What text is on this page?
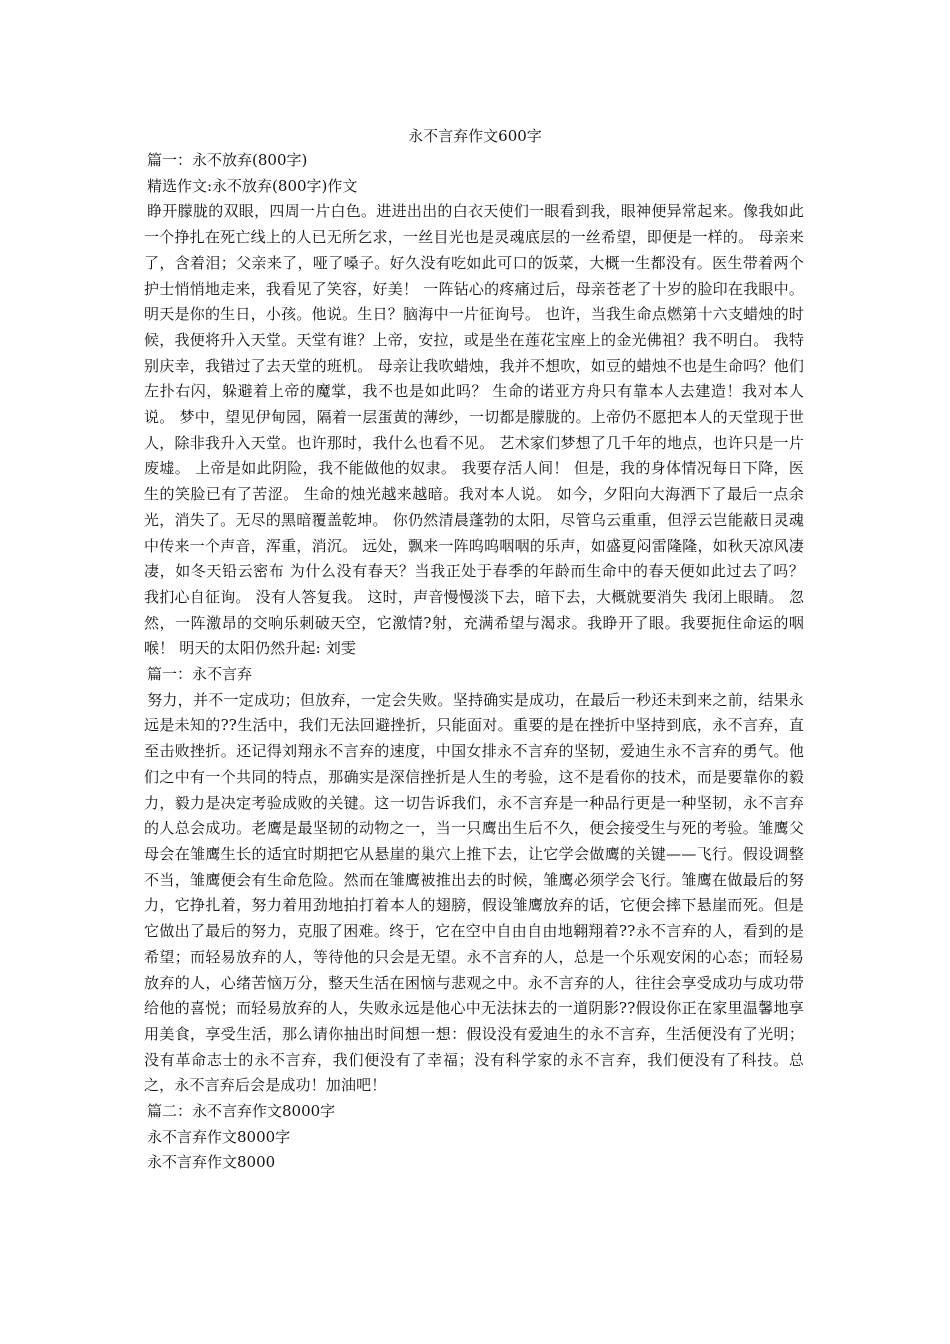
永不言弃作文600字
篇一：永不放弃(800字)
精选作文:永不放弃(800字)作文
睁开朦胧的双眼，四周一片白色。进进出出的白衣天使们一眼看到我，眼神便异常起来。像我如此一个挣扎在死亡线上的人已无所乞求，一丝目光也是灵魂底层的一丝希望，即便是一样的。 母亲来了，含着泪；父亲来了，哑了嗓子。好久没有吃如此可口的饭菜，大概一生都没有。医生带着两个护士悄悄地走来，我看见了笑容，好美！ 一阵钻心的疼痛过后，母亲苍老了十岁的脸印在我眼中。明天是你的生日，小孩。他说。生日？脑海中一片征询号。 也许，当我生命点燃第十六支蜡烛的时候，我便将升入天堂。天堂有谁？上帝，安拉，或是坐在莲花宝座上的金光佛祖？我不明白。 我特别庆幸，我错过了去天堂的班机。 母亲让我吹蜡烛，我并不想吹，如豆的蜡烛不也是生命吗？他们左扑右闪，躲避着上帝的魔掌，我不也是如此吗？ 生命的诺亚方舟只有靠本人去建造！我对本人说。 梦中，望见伊甸园，隔着一层蛋黄的薄纱，一切都是朦胧的。上帝仍不愿把本人的天堂现于世人，除非我升入天堂。也许那时，我什么也看不见。 艺术家们梦想了几千年的地点，也许只是一片废墟。 上帝是如此阴险，我不能做他的奴隶。 我要存活人间！ 但是，我的身体情况每日下降，医生的笑脸已有了苦涩。 生命的烛光越来越暗。我对本人说。 如今，夕阳向大海洒下了最后一点余光，消失了。无尽的黑暗覆盖乾坤。 你仍然清晨蓬勃的太阳，尽管乌云重重，但浮云岂能蔽日灵魂中传来一个声音，浑重，消沉。 远处，飘来一阵呜呜咽咽的乐声，如盛夏闷雷隆隆，如秋天凉风凄凄，如冬天铅云密布 为什么没有春天？当我正处于春季的年龄而生命中的春天便如此过去了吗？ 我扪心自征询。 没有人答复我。 这时，声音慢慢淡下去，暗下去，大概就要消失 我闭上眼睛。 忽然，一阵激昂的交响乐刺破天空，它激情?射，充满希望与渴求。我睁开了眼。我要扼住命运的咽喉！ 明天的太阳仍然升起: 刘雯
篇一：永不言弃
努力，并不一定成功；但放弃，一定会失败。坚持确实是成功，在最后一秒还未到来之前，结果永远是未知的??生活中，我们无法回避挫折，只能面对。重要的是在挫折中坚持到底，永不言弃，直至击败挫折。还记得刘翔永不言弃的速度，中国女排永不言弃的坚韧，爱迪生永不言弃的勇气。他们之中有一个共同的特点，那确实是深信挫折是人生的考验，这不是看你的技术，而是要靠你的毅力，毅力是决定考验成败的关键。这一切告诉我们，永不言弃是一种品行更是一种坚韧，永不言弃的人总会成功。老鹰是最坚韧的动物之一，当一只鹰出生后不久，便会接受生与死的考验。雏鹰父母会在雏鹰生长的适宜时期把它从悬崖的巢穴上推下去，让它学会做鹰的关键——飞行。假设调整不当，雏鹰便会有生命危险。然而在雏鹰被推出去的时候，雏鹰必须学会飞行。雏鹰在做最后的努力，它挣扎着，努力着用劲地拍打着本人的翅膀，假设雏鹰放弃的话，它便会摔下悬崖而死。但是它做出了最后的努力，克服了困难。终于，它在空中自由自由地翱翔着??永不言弃的人，看到的是希望；而轻易放弃的人，等待他的只会是无望。永不言弃的人，总是一个乐观安闲的心态；而轻易放弃的人，心绪苦恼万分，整天生活在困恼与悲观之中。永不言弃的人，往往会享受成功与成功带给他的喜悦；而轻易放弃的人，失败永远是他心中无法抹去的一道阴影??假设你正在家里温馨地享用美食，享受生活，那么请你抽出时间想一想：假设没有爱迪生的永不言弃，生活便没有了光明；没有革命志士的永不言弃，我们便没有了幸福；没有科学家的永不言弃，我们便没有了科技。总之，永不言弃后会是成功！加油吧！
篇二：永不言弃作文8000字
永不言弃作文8000字
永不言弃作文8000
